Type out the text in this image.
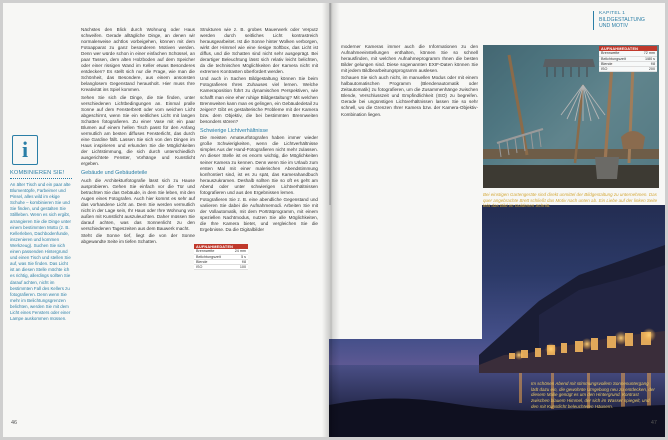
i
KOMBINIEREN SIE!
An älter Tisch und ein paar alte Blumentöpfe, Farbeimer und Pinsel, alles wild im ekige Schuhe – kombinieren Sie und Sie finden, und gestalten Sie Stillleben. Wenn es sich ergibt, arrangieren Sie die Dinge unter einem bestimmten Motto (z. B. Kellerleben, Dachbodenfunde, inszenieren und kommen Werkzeug). Suchen Sie sich einen passenden Hintergrund und einen Tisch und stellen Sie auf, was Sie finden. Das Licht ist an diesen Stelle möchte ich es richtig, allerdings sollten Sie darauf achten, nicht im bestimmten Fall des Kellers zu fotografieren. Denn wenn Sie mehr im Belichtungsgrenzen belichten, werden Sie mit dem Licht eines Fensters oder einer Lampe auskommen müssen.

Nächstes den Blick durch Wohnung oder Haus schweifen. Gerade alltägliche Dinge, an denen wir normalerweise achtlos vorbeigehen, können mit dem Fotoapparat zu ganz besonderen Motiven werden. Denn wer würde schon in einer einfachen Schüssel, an paar Tassen, dem alten Holzboden auf dem Speicher oder einer rissigen Wand im Keller etwas Besonderes entdecken? Es stellt sich nur die Frage, wie man die Schönheit, das Besondere, aus einem ansonsten belanglosem Gegenstand herausholt. Hier muss Ihre Kreativität ins Spiel kommen.

Sehen Sie sich die Dinge, die Sie finden, unter verschiedenen Lichtbedingungen an. Einmal pralle Sonne auf dem Fensterbrett oder vom weichen Licht abgeschirmt, wenn Sie ein seitliches Licht mit langen Schatten fotografieren. Zu einer Vase mit ein paar Blumen auf einem hellen Tisch passt für den Anfang vermutlich am besten diffuses Fensterlicht, das durch eine Gardine fällt. Lassen Sie sich von den Dingen im Haus inspirieren und erkunden Sie die Möglichkeiten der Lichtstimmung, die sich durch unterschiedlich ausgerichtete Fenster, Vorhänge und Kunstlicht ergeben.

Gebäude und Gebäudeteile

Auch die Architekturfotografie lässt sich zu Hause ausprobieren. Gehen Sie einfach vor die Tür und betrachten Sie das Gebäude, in dem Sie leben, mit den Augen eines Fotografen. Auch hier kommt es sehr auf das vorhandene Licht an. Dem Sie werden vermutlich nicht in der Lage sein, Ihr Haus oder Ihre Wohnung von außen mit Kunstlicht auszuleuchten. Daher müssen Sie darauf achten, was das Sonnenlicht zu den verschiedenen Tageszeiten aus dem Bauwerk macht.

Steht die Sonne tief, liegt die von der Sonne abgewandte Seite im tiefen Schatten.

Strukturen wie z. B. grobes Mauerwerk oder Verputz werden durch seitliches Licht kontrastreich herausgearbeitet. Ist die Sonne hinter Wolken verborgen, wirkt der Himmel wie eine riesige Softbox, das Licht ist diffus, und die Schatten sind nicht sehr ausgeprägt. Bei derartiger Beleuchtung lässt sich relativ leicht belichten, da die technischen Möglichkeiten der Kamera nicht mit extremen Kontrasten überfordert werden.

Und auch in Sachen Bildgestaltung können Sie beim Fotografieren Ihres Zuhauses viel lernen. Welche Kameraposition führt zu dynamischen Perspektiven, wie schafft man eine eher ruhige Bildgestaltung? Mit welchen Brennweiten kann man es gelingen, ein Gebäudedetail zu zeigen? Gibt es gestalterische Probleme mit der Kamera bzw. dem Objektiv, die bei bestimmten Brennweiten besonders stören?

Schwierige Lichtverhältnisse

Die meisten Amateurfotografen haben immer wieder große Schwierigkeiten, wenn die Lichtverhältnisse simples Aus der Hand-Fotografieren nicht mehr zulassen. An dieser Stelle ist es enorm wichtig, die Möglichkeiten seiner Kamera zu kennen. Denn wenn Sie im Urlaub zum ersten Mal mit einer malerischen Abendstimmung konfrontiert sind, ist es zu spät, das Kamerahandbuch herauszukramen. Deshalb sollten Sie so oft es geht am Abend oder unter schwierigen Lichtverhältnissen fotografieren und aus den Ergebnissen lernen.

Fotografieren Sie z. B. eine abendliche Gegenstand und variieren Sie dabei die Aufnahmemodi. Arbeiten Sie mit der Vollautomatik, mit dem Porträtprogramm, mit einem speziellen Nachtmodus, nutzen Sie alle Möglichkeiten, die Ihre Kamera bietet, und vergleichen Sie die Ergebnisse. Da die Digitalbilder

46
KAPITEL 1
BILDGESTALTUNG
UND MOTIV

moderner Kameras immer auch die Informationen zu den Aufnahmeeinstellungen enthalten, können Sie so schnell herausfinden, mit welchen Aufnahmeprogramm Ihnen die besten Bilder gelungen sind. Diese sogenannten EXIF-Daten können Sie mit jedem Bildbearbeitungsprogramm auslesen.

Schauen Sie sich auch nicht, im manuellen Modus oder mit einem halbautomatischen Programm (Blendenautomatik oder Zeitautomatik) zu fotografieren, um die Zusammenhänge zwischen Blende, Verschlusszeit und Empfindlichkeit (ISO) zu begreifen. Gerade bei ungünstigen Lichtverhältnissen lassen Sie so sehr schnell, wo die Grenzen Ihrer Kamera bzw. der Kamera-Objektiv-Kombination liegen.

AUFNAHMEDATEN
Brennweite	72 mm
Belichtungszeit	1/80 s
Blende	f/8
ISO	200
Bei einstigen Gartengeräte sind direkt unmittel der Bildgestaltung zu unternehmen. Das quer angebrachte Brett schließt das Motiv nach unten ab. Ein Liebe auf der linken Seite lebt das Bild im Goldenen Schnitt.
AUFNAHMEDATEN
Brennweite	24 mm
Belichtungszeit	5 s
Blende	f/8
ISO	100
Im schönen Abend mit stimmungsvollem Sonnenuntergang lädt dazu ein, die gewohnte Umgebung neu zu entdecken, der diesem Malle genügt es um den Hintergrund. Kontrast zwischen blauem Himmel, der sich im Wasser spiegelt, und den mit Kunstlicht beleuchteten Häusern.
47
